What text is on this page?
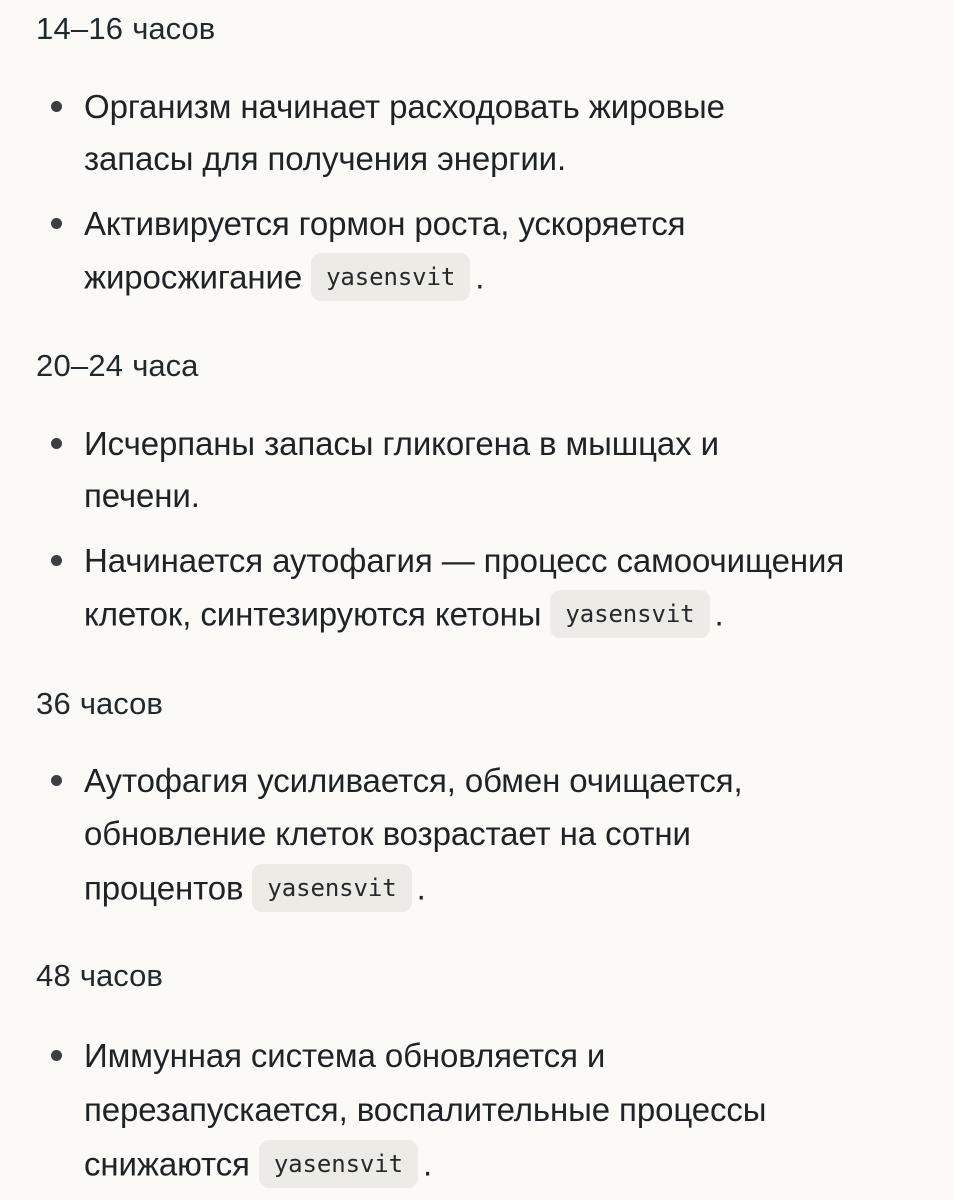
14–16 часов
Организм начинает расходовать жировые
запасы для получения энергии.
Активируется гормон роста, ускоряется
жиросжигание yasensvit .
20–24 часа
Исчерпаны запасы гликогена в мышцах и
печени.
Начинается аутофагия — процесс самоочищения
клеток, синтезируются кетоны yasensvit .
36 часов
Аутофагия усиливается, обмен очищается,
обновление клеток возрастает на сотни
процентов yasensvit .
48 часов
Иммунная система обновляется и
перезапускается, воспалительные процессы
снижаются yasensvit .
